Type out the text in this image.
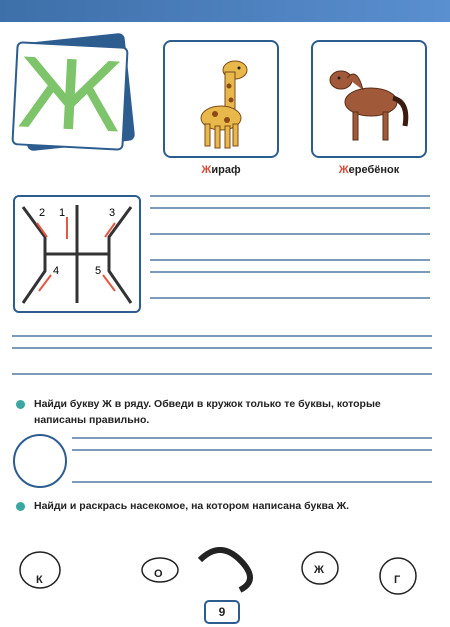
Ж
Жираф	Жеребёнок
2 1	3
4	5

Найди букву Ж в ряду. Обведи в кружок только те буквы, которые написаны правильно.

Найди и раскрась насекомое, на котором написана буква Ж.

К	О	Ж
Г
9
